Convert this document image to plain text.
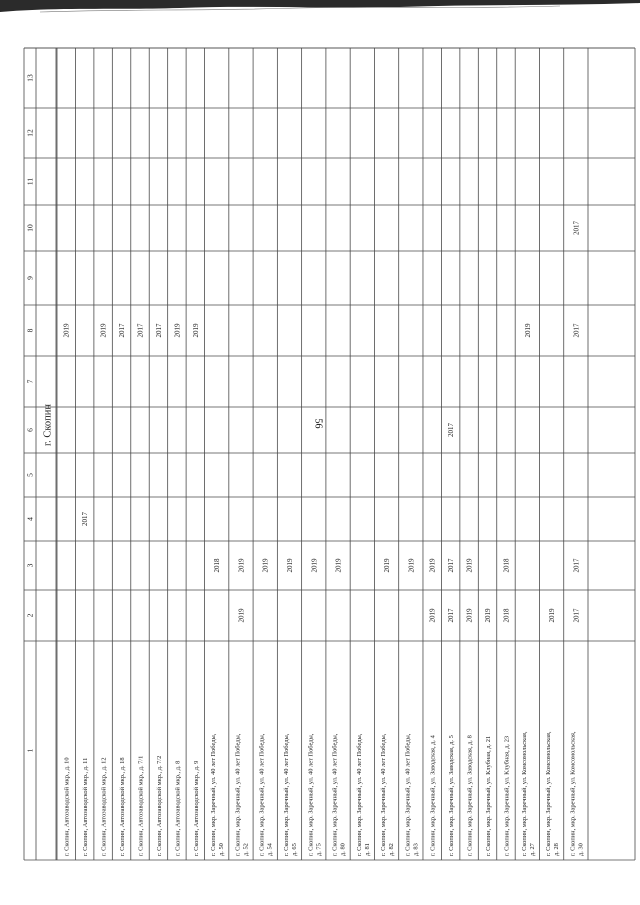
56
1
2
3
4
5
6
7
8
9
10
11
12
13
г. Скопин
г. Скопин, Автозаводской мкр., д. 10
2019
г. Скопин, Автозаводской мкр., д. 11
2017
г. Скопин, Автозаводской мкр., д. 12
2019
г. Скопин, Автозаводской мкр., д. 18
2017
г. Скопин, Автозаводской мкр., д. 7/1
2017
г. Скопин, Автозаводской мкр., д. 7/2
2017
г. Скопин, Автозаводской мкр., д. 8
2019
г. Скопин, Автозаводской мкр., д. 9
2019
г. Скопин, мкр. Заречный, ул. 40 лет Победы, д. 50
2018
г. Скопин, мкр. Заречный, ул. 40 лет Победы, д. 52
2019
2019
г. Скопин, мкр. Заречный, ул. 40 лет Победы, д. 54
2019
г. Скопин, мкр. Заречный, ул. 40 лет Победы, д. 65
2019
г. Скопин, мкр. Заречный, ул. 40 лет Победы, д. 75
2019
г. Скопин, мкр. Заречный, ул. 40 лет Победы, д. 80
2019
г. Скопин, мкр. Заречный, ул. 40 лет Победы, д. 81 г. Скопин, мкр. Заречный, ул. 40 лет Победы, д. 82
2019
г. Скопин, мкр. Заречный, ул. 40 лет Победы, д. 83
2019
г. Скопин, мкр. Заречный, ул. Заводская, д. 4
2019
2019
г. Скопин, мкр. Заречный, ул. Заводская, д. 5
2017
2017
2017
г. Скопин, мкр. Заречный, ул. Заводская, д. 8
2019
2019
г. Скопин, мкр. Заречный, ул. Клубная, д. 21
2019
г. Скопин, мкр. Заречный, ул. Клубная, д. 23
2018
2018
г. Скопин, мкр. Заречный, ул. Комсомольская, д. 27
2019
г. Скопин, мкр. Заречный, ул. Комсомольская, д. 28
2019
г. Скопин, мкр. Заречный, ул. Комсомольская, д. 30
2017
2017
2017
2017
